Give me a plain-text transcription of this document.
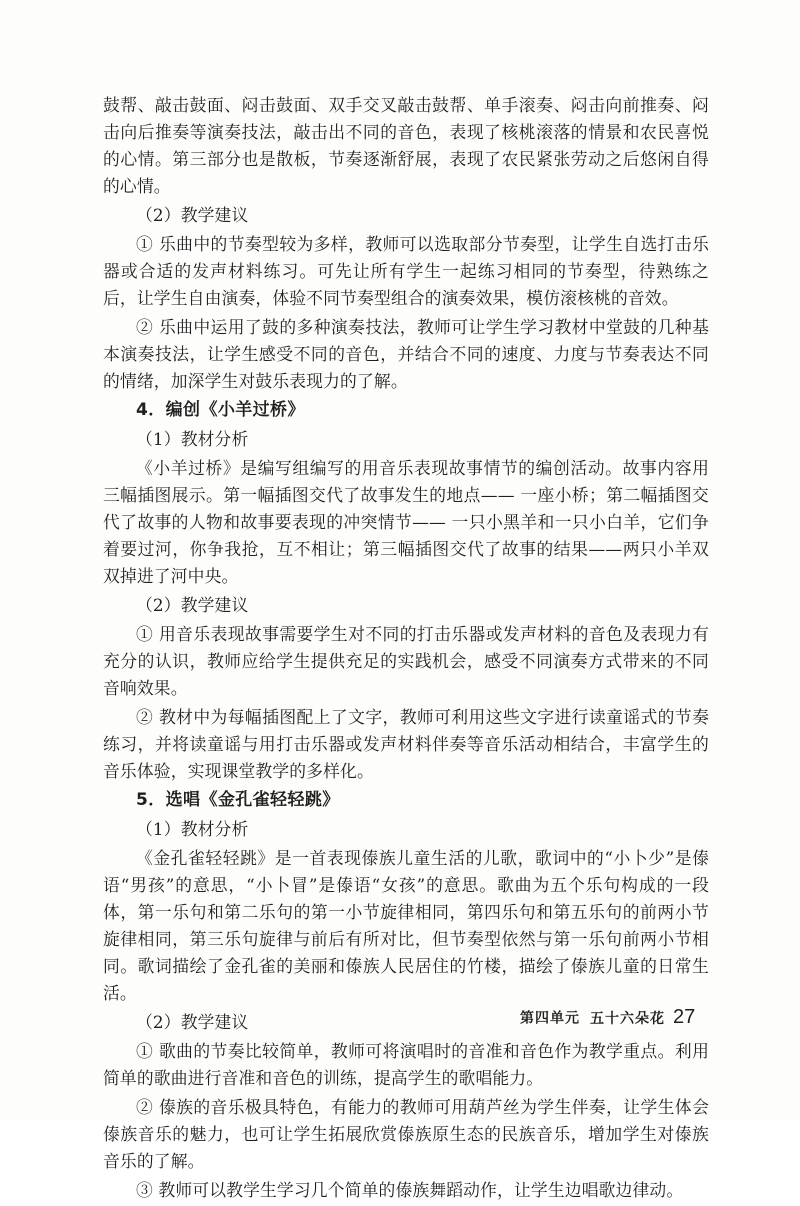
鼓帮、敲击鼓面、闷击鼓面、双手交叉敲击鼓帮、单手滚奏、闷击向前推奏、闷击向后推奏等演奏技法，敲击出不同的音色，表现了核桃滚落的情景和农民喜悦的心情。第三部分也是散板，节奏逐渐舒展，表现了农民紧张劳动之后悠闲自得的心情。

（2）教学建议

① 乐曲中的节奏型较为多样，教师可以选取部分节奏型，让学生自选打击乐器或合适的发声材料练习。可先让所有学生一起练习相同的节奏型，待熟练之后，让学生自由演奏，体验不同节奏型组合的演奏效果，模仿滚核桃的音效。

② 乐曲中运用了鼓的多种演奏技法，教师可让学生学习教材中堂鼓的几种基本演奏技法，让学生感受不同的音色，并结合不同的速度、力度与节奏表达不同的情绪，加深学生对鼓乐表现力的了解。

4．编创《小羊过桥》

（1）教材分析

《小羊过桥》是编写组编写的用音乐表现故事情节的编创活动。故事内容用三幅插图展示。第一幅插图交代了故事发生的地点—— 一座小桥；第二幅插图交代了故事的人物和故事要表现的冲突情节—— 一只小黑羊和一只小白羊，它们争着要过河，你争我抢，互不相让；第三幅插图交代了故事的结果——两只小羊双双掉进了河中央。

（2）教学建议

① 用音乐表现故事需要学生对不同的打击乐器或发声材料的音色及表现力有充分的认识，教师应给学生提供充足的实践机会，感受不同演奏方式带来的不同音响效果。

② 教材中为每幅插图配上了文字，教师可利用这些文字进行读童谣式的节奏练习，并将读童谣与用打击乐器或发声材料伴奏等音乐活动相结合，丰富学生的音乐体验，实现课堂教学的多样化。

5．选唱《金孔雀轻轻跳》

（1）教材分析

《金孔雀轻轻跳》是一首表现傣族儿童生活的儿歌，歌词中的“小卜少”是傣语“男孩”的意思，“小卜冒”是傣语“女孩”的意思。歌曲为五个乐句构成的一段体，第一乐句和第二乐句的第一小节旋律相同，第四乐句和第五乐句的前两小节旋律相同，第三乐句旋律与前后有所对比，但节奏型依然与第一乐句前两小节相同。歌词描绘了金孔雀的美丽和傣族人民居住的竹楼，描绘了傣族儿童的日常生活。

（2）教学建议

① 歌曲的节奏比较简单，教师可将演唱时的音准和音色作为教学重点。利用简单的歌曲进行音准和音色的训练，提高学生的歌唱能力。

② 傣族的音乐极具特色，有能力的教师可用葫芦丝为学生伴奏，让学生体会傣族音乐的魅力，也可让学生拓展欣赏傣族原生态的民族音乐，增加学生对傣族音乐的了解。

③ 教师可以教学生学习几个简单的傣族舞蹈动作，让学生边唱歌边律动。

第四单元 五十六朵花 27
